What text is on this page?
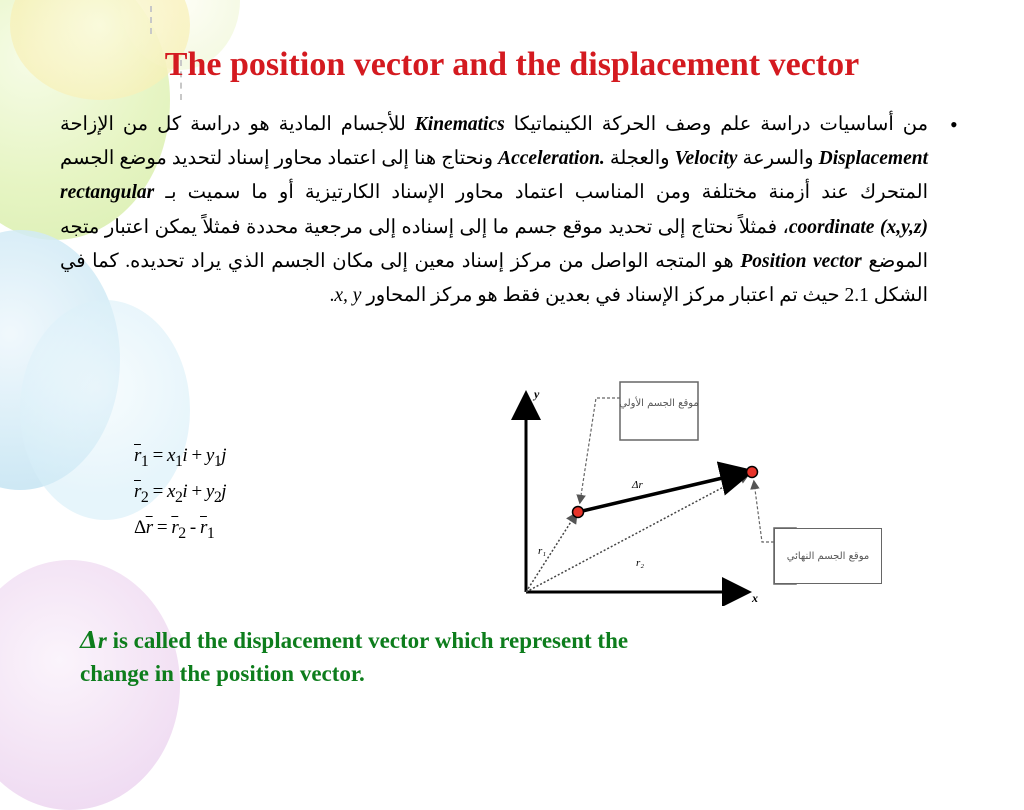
The position vector and the displacement vector
•
من أساسيات دراسة علم وصف الحركة الكينماتيكا Kinematics للأجسام المادية هو دراسة كل من الإزاحة Displacement والسرعة Velocity والعجلة Acceleration. ونحتاج هنا إلى اعتماد محاور إسناد لتحديد موضع الجسم المتحرك عند أزمنة مختلفة ومن المناسب اعتماد محاور الإسناد الكارتيزية أو ما سميت بـ rectangular coordinate (x,y,z)، فمثلاً نحتاج إلى تحديد موقع جسم ما إلى إسناده إلى مرجعية محددة فمثلاً يمكن اعتبار متجه الموضع Position vector هو المتجه الواصل من مركز إسناد معين إلى مكان الجسم الذي يراد تحديده. كما في الشكل 2.1 حيث تم اعتبار مركز الإسناد في بعدين فقط هو مركز المحاور x, y.
$\overline{r}_1 = x_1i + y_1j$
$\overline{r}_2 = x_2i + y_2j$
$\Delta\overline{r} = \overline{r}_2 - \overline{r}_1$
y
x
Δr
r₁
r₂
موقع الجسم الأولي
موقع الجسم النهائي
Δr is called the displacement vector which represent the change in the position vector.
